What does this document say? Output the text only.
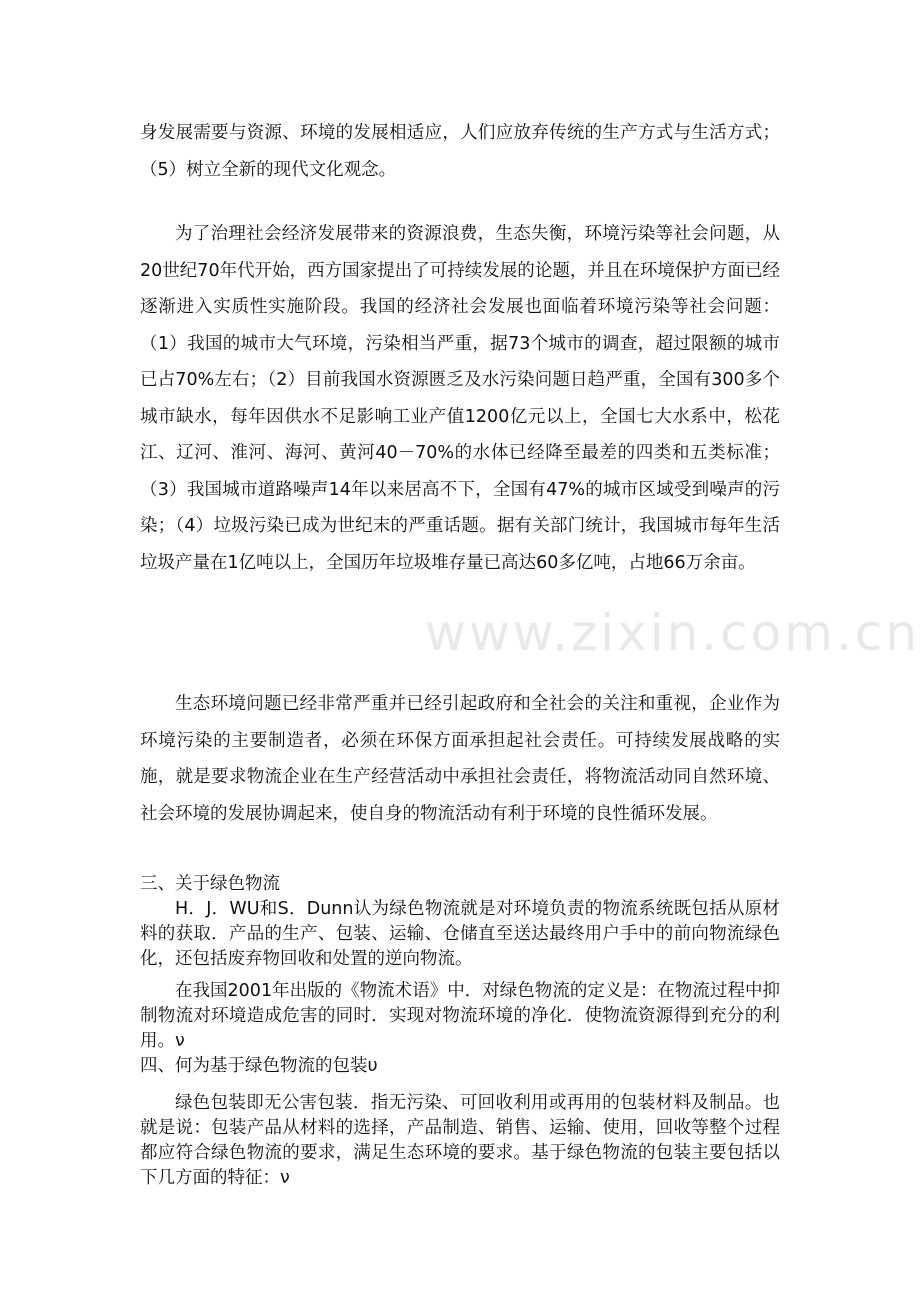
身发展需要与资源、环境的发展相适应，人们应放弃传统的生产方式与生活方式；（5）树立全新的现代文化观念。

为了治理社会经济发展带来的资源浪费，生态失衡，环境污染等社会问题，从20世纪70年代开始，西方国家提出了可持续发展的论题，并且在环境保护方面已经逐渐进入实质性实施阶段。我国的经济社会发展也面临着环境污染等社会问题：（1）我国的城市大气环境，污染相当严重，据73个城市的调查，超过限额的城市已占70%左右；（2）目前我国水资源匮乏及水污染问题日趋严重，全国有300多个城市缺水，每年因供水不足影响工业产值1200亿元以上，全国七大水系中，松花江、辽河、淮河、海河、黄河40－70%的水体已经降至最差的四类和五类标准；（3）我国城市道路噪声14年以来居高不下，全国有47%的城市区域受到噪声的污染；（4）垃圾污染已成为世纪末的严重话题。据有关部门统计，我国城市每年生活垃圾产量在1亿吨以上，全国历年垃圾堆存量已高达60多亿吨，占地66万余亩。

生态环境问题已经非常严重并已经引起政府和全社会的关注和重视，企业作为环境污染的主要制造者，必须在环保方面承担起社会责任。可持续发展战略的实施，就是要求物流企业在生产经营活动中承担社会责任，将物流活动同自然环境、社会环境的发展协调起来，使自身的物流活动有利于环境的良性循环发展。

三、关于绿色物流

H．J．WU和S．Dunn认为绿色物流就是对环境负责的物流系统既包括从原材料的获取．产品的生产、包装、运输、仓储直至送达最终用户手中的前向物流绿色化，还包括废弃物回收和处置的逆向物流。

在我国2001年出版的《物流术语》中．对绿色物流的定义是：在物流过程中抑制物流对环境造成危害的同时．实现对物流环境的净化．使物流资源得到充分的利用。ν

四、何为基于绿色物流的包装υ

绿色包装即无公害包装．指无污染、可回收利用或再用的包装材料及制品。也就是说：包装产品从材料的选择，产品制造、销售、运输、使用，回收等整个过程都应符合绿色物流的要求，满足生态环境的要求。基于绿色物流的包装主要包括以下几方面的特征：ν

www.zixin.com.cn
